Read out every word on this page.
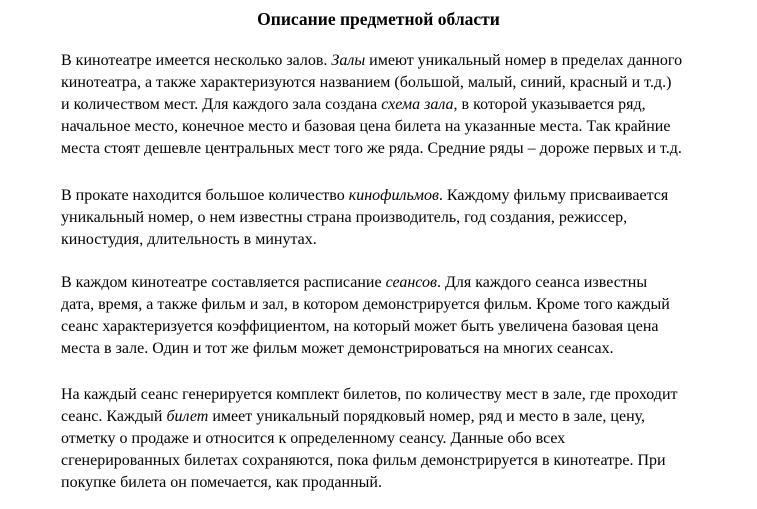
Описание предметной области

В кинотеатре имеется несколько залов. Залы имеют уникальный номер в пределах данного
кинотеатра, а также характеризуются названием (большой, малый, синий, красный и т.д.)
и количеством мест. Для каждого зала создана схема зала, в которой указывается ряд,
начальное место, конечное место и базовая цена билета на указанные места. Так крайние
места стоят дешевле центральных мест того же ряда. Средние ряды – дороже первых и т.д.

В прокате находится большое количество кинофильмов. Каждому фильму присваивается
уникальный номер, о нем известны страна производитель, год создания, режиссер,
киностудия, длительность в минутах.

В каждом кинотеатре составляется расписание сеансов. Для каждого сеанса известны
дата, время, а также фильм и зал, в котором демонстрируется фильм. Кроме того каждый
сеанс характеризуется коэффициентом, на который может быть увеличена базовая цена
места в зале. Один и тот же фильм может демонстрироваться на многих сеансах.

На каждый сеанс генерируется комплект билетов, по количеству мест в зале, где проходит
сеанс. Каждый билет имеет уникальный порядковый номер, ряд и место в зале, цену,
отметку о продаже и относится к определенному сеансу. Данные обо всех
сгенерированных билетах сохраняются, пока фильм демонстрируется в кинотеатре. При
покупке билета он помечается, как проданный.
